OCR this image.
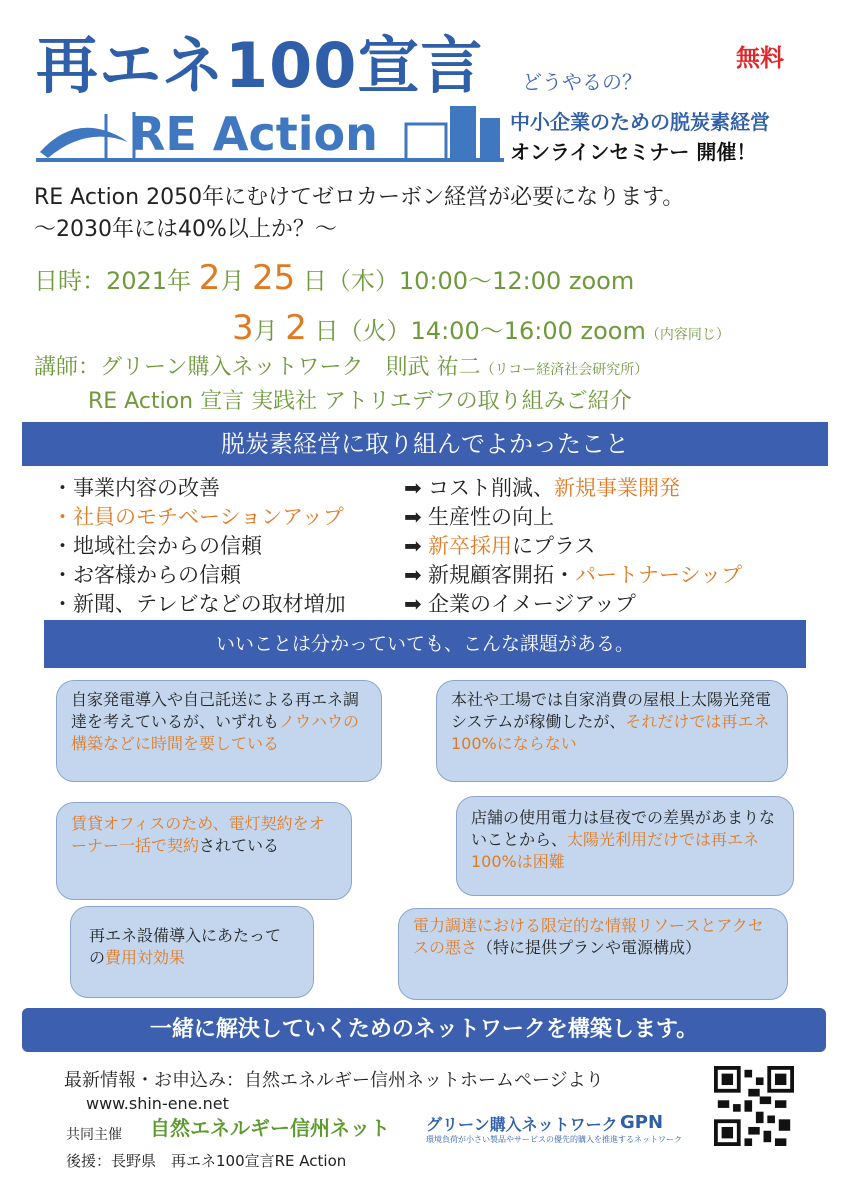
再エネ100宣言
RE Action
無料
どうやるの？
中小企業のための脱炭素経営
オンラインセミナー 開催！
RE Action 2050年にむけてゼロカーボン経営が必要になります。
〜2030年には40%以上か？〜
日時：2021年 2月 25 日（木）10:00〜12:00 zoom
3月 2 日（火）14:00〜16:00 zoom（内容同じ）
講師：グリーン購入ネットワーク　則武 祐二（リコー経済社会研究所）
RE Action 宣言 実践社 アトリエデフの取り組みご紹介
脱炭素経営に取り組んでよかったこと
・事業内容の改善
・社員のモチベーションアップ
・地域社会からの信頼
・お客様からの信頼
・新聞、テレビなどの取材増加
➡ コスト削減、新規事業開発
➡ 生産性の向上
➡ 新卒採用にプラス
➡ 新規顧客開拓・パートナーシップ
➡ 企業のイメージアップ
いいことは分かっていても、こんな課題がある。
自家発電導入や自己託送による再エネ調達を考えているが、いずれもノウハウの構築などに時間を要している
本社や工場では自家消費の屋根上太陽光発電システムが稼働したが、それだけでは再エネ100%にならない
賃貸オフィスのため、電灯契約をオーナー一括で契約されている
店舗の使用電力は昼夜での差異があまりないことから、太陽光利用だけでは再エネ100%は困難
再エネ設備導入にあたっての費用対効果
電力調達における限定的な情報リソースとアクセスの悪さ（特に提供プランや電源構成）
一緒に解決していくためのネットワークを構築します。
最新情報・お申込み：自然エネルギー信州ネットホームページより
www.shin-ene.net
共同主催 自然エネルギー信州ネット グリーン購入ネットワーク
環境負荷が小さい製品やサービスの優先的購入を推進するネットワーク
GPN
後援：長野県　再エネ100宣言RE Action
